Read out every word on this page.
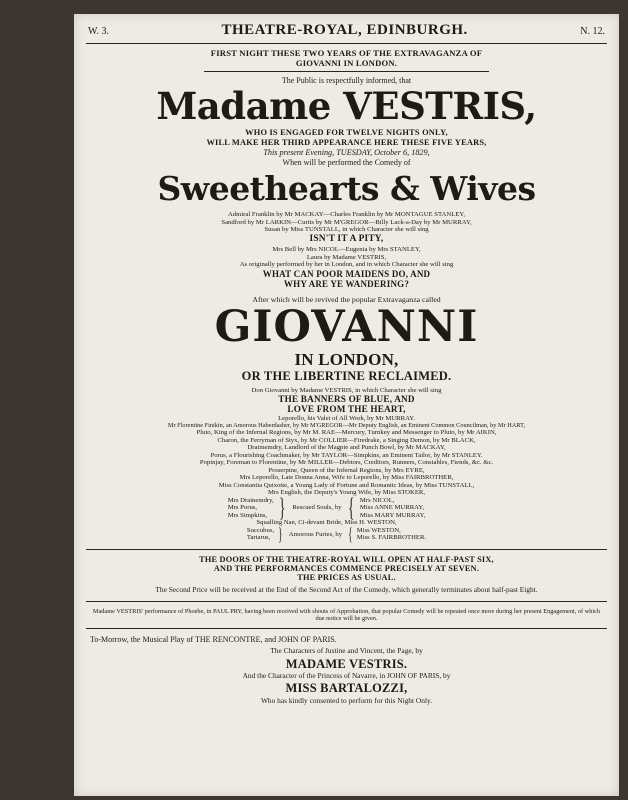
W. 3.	THEATRE-ROYAL, EDINBURGH.	N. 12.

FIRST NIGHT THESE TWO YEARS OF THE EXTRAVAGANZA OF

GIOVANNI IN LONDON.

The Public is respectfully informed, that

Madame VESTRIS,

WHO IS ENGAGED FOR TWELVE NIGHTS ONLY,

WILL MAKE HER THIRD APPEARANCE HERE THESE FIVE YEARS,

This present Evening, TUESDAY, October 6, 1829,

When will be performed the Comedy of

Sweethearts & Wives

Admiral Franklin by Mr MACKAY—Charles Franklin by Mr MONTAGUE STANLEY,

Sandford by Mr LARKIN—Curtis by Mr M'GREGOR—Billy Lack-a-Day by Mr MURRAY,

Susan by Miss TUNSTALL, in which Character she will sing

ISN'T IT A PITY,

Mrs Bell by Mrs NICOL—Eugenia by Mrs STANLEY,

Laura by Madame VESTRIS,

As originally performed by her in London, and in which Character she will sing

WHAT CAN POOR MAIDENS DO, AND

WHY ARE YE WANDERING?

After which will be revived the popular Extravaganza called

GIOVANNI

IN LONDON,

OR THE LIBERTINE RECLAIMED.

Don Giovanni by Madame VESTRIS, in which Character she will sing

THE BANNERS OF BLUE, AND

LOVE FROM THE HEART,

Leporello, his Valet of All Work, by Mr MURRAY.

Mr Florentine Finikin, an Amorous Haberdasher, by Mr M'GREGOR—Mr Deputy English, an Eminent Common Councilman, by Mr HART,

Pluto, King of the Infernal Regions, by Mr M. RAE—Mercury, Turnkey and Messenger to Pluto, by Mr AIKIN,

Charon, the Ferryman of Styx, by Mr COLLIER—Firedrake, a Singing Demon, by Mr BLACK,

Draimemdry, Landlord of the Magpie and Punch Bowl, by Mr MACKAY,

Porus, a Flourishing Coachmaker, by Mr TAYLOR—Simpkins, an Eminent Tailor, by Mr STANLEY.

Popinjay, Foreman to Florentine, by Mr MILLER—Debtors, Creditors, Runners, Constables, Fiends, &c. &c.

Proserpine, Queen of the Infernal Regions, by Mrs EYRE,

Mrs Leporello, Late Donna Anna, Wife to Leporello, by Miss FAIRBROTHER,

Miss Constantia Quixotte, a Young Lady of Fortune and Romantic Ideas, by Miss TUNSTALL,

Mrs English, the Deputy's Young Wife, by Miss STOKER,

Mrs Drainemdry,
Mrs Porus,
Mrs Simpkins, } Rescued Souls, by { Mrs NICOL,
Miss ANNE MURRAY,
Miss MARY MURRAY,

Squalling Nan, Ci-devant Bride, Miss H. WESTON,

Succubus,
Tartarus, } Amorous Furies, by { Miss WESTON,
Miss S. FAIRBROTHER.

THE DOORS OF THE THEATRE-ROYAL WILL OPEN AT HALF-PAST SIX,

AND THE PERFORMANCES COMMENCE PRECISELY AT SEVEN.

THE PRICES AS USUAL.

The Second Price will be received at the End of the Second Act of the Comedy, which generally terminates about half-past Eight.

Madame VESTRIS' performance of Phoebe, in PAUL PRY, having been received with shouts of Approbation, that popular Comedy will be repeated once more during her present Engagement, of which due notice will be given.

To-Morrow, the Musical Play of THE RENCONTRE, and JOHN OF PARIS.

The Characters of Justine and Vincent, the Page, by

MADAME VESTRIS.

And the Character of the Princess of Navarre, in JOHN OF PARIS, by

MISS BARTALOZZI,

Who has kindly consented to perform for this Night Only.
